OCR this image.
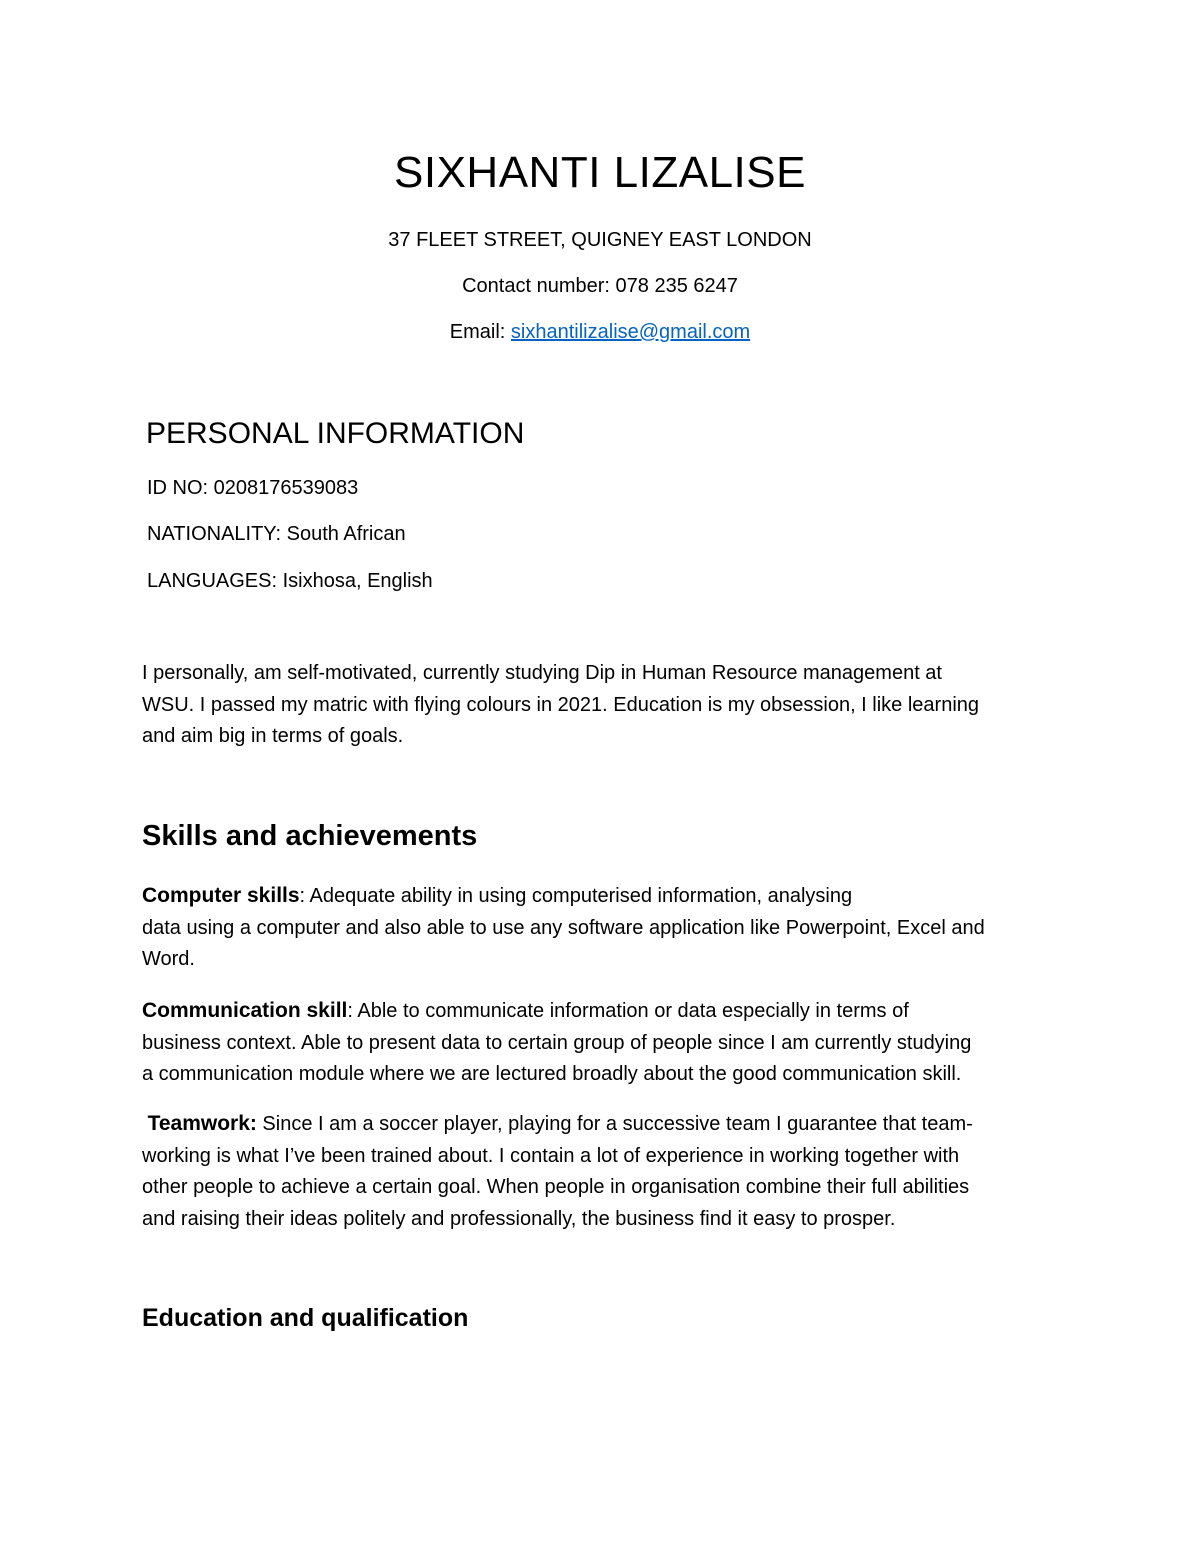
SIXHANTI LIZALISE
37 FLEET STREET, QUIGNEY EAST LONDON
Contact number: 078 235 6247
Email: sixhantilizalise@gmail.com
PERSONAL INFORMATION
ID NO: 0208176539083
NATIONALITY: South African
LANGUAGES: Isixhosa, English
I personally, am self-motivated, currently studying Dip in Human Resource management at
WSU. I passed my matric with flying colours in 2021. Education is my obsession, I like learning
and aim big in terms of goals.
Skills and achievements
Computer skills: Adequate ability in using computerised information, analysing
data using a computer and also able to use any software application like Powerpoint, Excel and
Word.
Communication skill: Able to communicate information or data especially in terms of
business context. Able to present data to certain group of people since I am currently studying
a communication module where we are lectured broadly about the good communication skill.
Teamwork: Since I am a soccer player, playing for a successive team I guarantee that team-
working is what I’ve been trained about. I contain a lot of experience in working together with
other people to achieve a certain goal. When people in organisation combine their full abilities
and raising their ideas politely and professionally, the business find it easy to prosper.
Education and qualification
